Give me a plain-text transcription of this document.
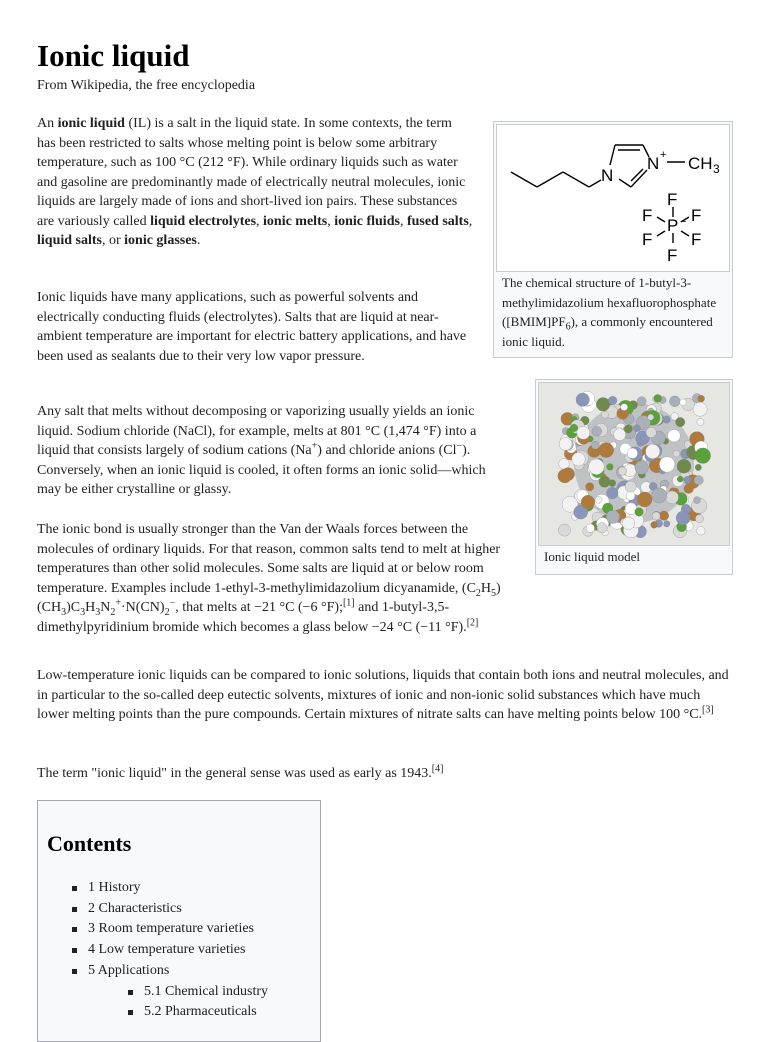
Ionic liquid
From Wikipedia, the free encyclopedia

An ionic liquid (IL) is a salt in the liquid state. In some contexts, the term has been restricted to salts whose melting point is below some arbitrary temperature, such as 100 °C (212 °F). While ordinary liquids such as water and gasoline are predominantly made of electrically neutral molecules, ionic liquids are largely made of ions and short-lived ion pairs. These substances are variously called liquid electrolytes, ionic melts, ionic fluids, fused salts, liquid salts, or ionic glasses.

Ionic liquids have many applications, such as powerful solvents and electrically conducting fluids (electrolytes). Salts that are liquid at near-ambient temperature are important for electric battery applications, and have been used as sealants due to their very low vapor pressure.

Any salt that melts without decomposing or vaporizing usually yields an ionic liquid. Sodium chloride (NaCl), for example, melts at 801 °C (1,474 °F) into a liquid that consists largely of sodium cations (Na+) and chloride anions (Cl−). Conversely, when an ionic liquid is cooled, it often forms an ionic solid—which may be either crystalline or glassy.

The ionic bond is usually stronger than the Van der Waals forces between the molecules of ordinary liquids. For that reason, common salts tend to melt at higher temperatures than other solid molecules. Some salts are liquid at or below room temperature. Examples include 1-ethyl-3-methylimidazolium dicyanamide, $(C_2H_5)(CH_3)C_3H_3N_2^+\cdot N(CN)_2^-$, that melts at −21 °C (−6 °F);[1] and 1-butyl-3,5-dimethylpyridinium bromide which becomes a glass below −24 °C (−11 °F).[2]

Low-temperature ionic liquids can be compared to ionic solutions, liquids that contain both ions and neutral molecules, and in particular to the so-called deep eutectic solvents, mixtures of ionic and non-ionic solid substances which have much lower melting points than the pure compounds. Certain mixtures of nitrate salts can have melting points below 100 °C.[3]

The term "ionic liquid" in the general sense was used as early as 1943.[4]

Contents
1 History
2 Characteristics
3 Room temperature varieties
4 Low temperature varieties
5 Applications
5.1 Chemical industry
5.2 Pharmaceuticals
N
N + CH 3
F
F F
P −
F F
F
The chemical structure of 1-butyl-3-methylimidazolium hexafluorophosphate $([BMIM]PF_6)$, a commonly encountered ionic liquid.
Ionic liquid model
